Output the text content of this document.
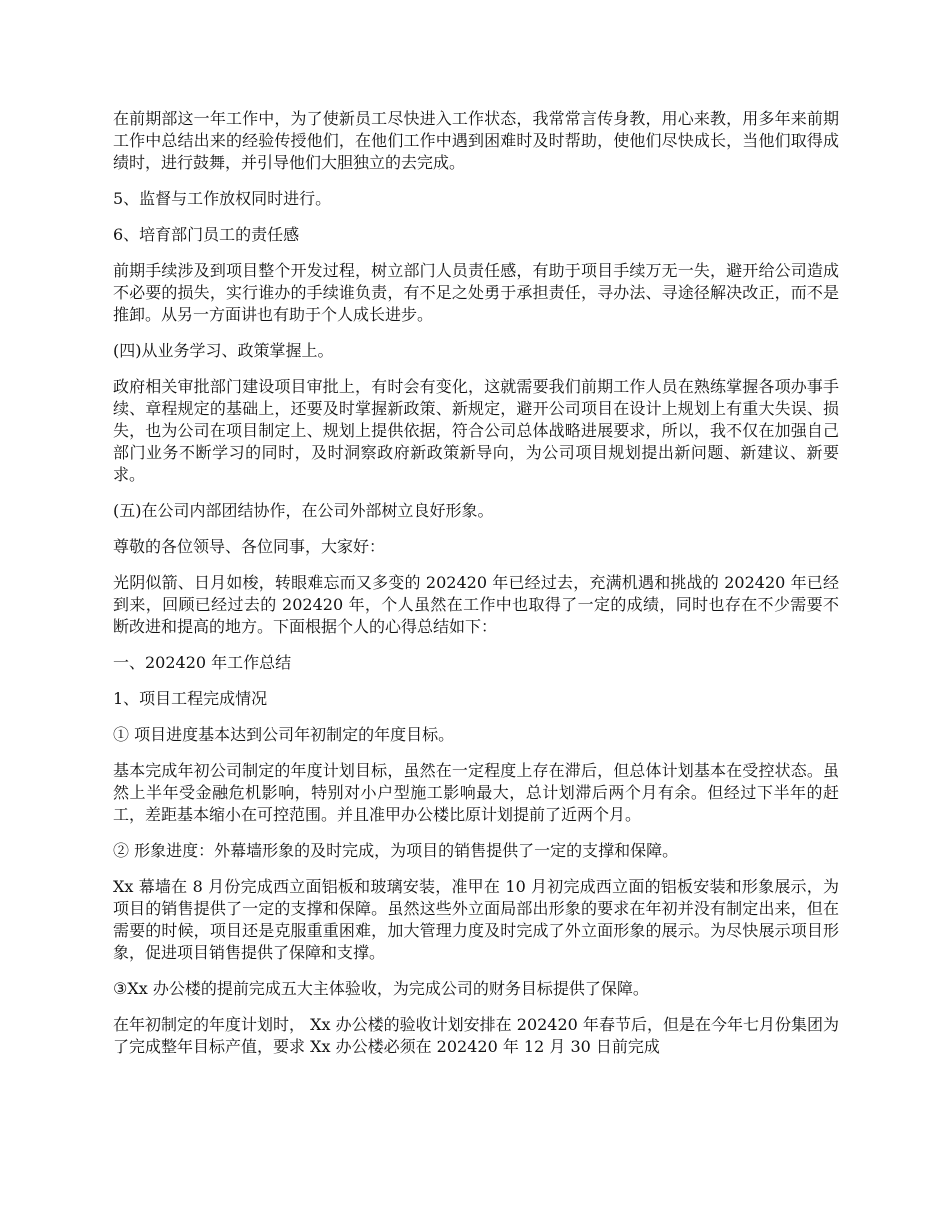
在前期部这一年工作中，为了使新员工尽快进入工作状态，我常常言传身教，用心来教，用多年来前期工作中总结出来的经验传授他们，在他们工作中遇到困难时及时帮助，使他们尽快成长，当他们取得成绩时，进行鼓舞，并引导他们大胆独立的去完成。

5、监督与工作放权同时进行。

6、培育部门员工的责任感

前期手续涉及到项目整个开发过程，树立部门人员责任感，有助于项目手续万无一失，避开给公司造成不必要的损失，实行谁办的手续谁负责，有不足之处勇于承担责任，寻办法、寻途径解决改正，而不是推卸。从另一方面讲也有助于个人成长进步。

(四)从业务学习、政策掌握上。

政府相关审批部门建设项目审批上，有时会有变化，这就需要我们前期工作人员在熟练掌握各项办事手续、章程规定的基础上，还要及时掌握新政策、新规定，避开公司项目在设计上规划上有重大失误、损失，也为公司在项目制定上、规划上提供依据，符合公司总体战略进展要求，所以，我不仅在加强自己部门业务不断学习的同时，及时洞察政府新政策新导向，为公司项目规划提出新问题、新建议、新要求。

(五)在公司内部团结协作，在公司外部树立良好形象。

尊敬的各位领导、各位同事，大家好：

光阴似箭、日月如梭，转眼难忘而又多变的 202420 年已经过去，充满机遇和挑战的 202420 年已经到来，回顾已经过去的 202420 年，个人虽然在工作中也取得了一定的成绩，同时也存在不少需要不断改进和提高的地方。下面根据个人的心得总结如下：

一、202420 年工作总结

1、项目工程完成情况

① 项目进度基本达到公司年初制定的年度目标。

基本完成年初公司制定的年度计划目标，虽然在一定程度上存在滞后，但总体计划基本在受控状态。虽然上半年受金融危机影响，特别对小户型施工影响最大，总计划滞后两个月有余。但经过下半年的赶工，差距基本缩小在可控范围。并且准甲办公楼比原计划提前了近两个月。

② 形象进度：外幕墙形象的及时完成，为项目的销售提供了一定的支撑和保障。

Xx 幕墙在 8 月份完成西立面铝板和玻璃安装，准甲在 10 月初完成西立面的铝板安装和形象展示，为项目的销售提供了一定的支撑和保障。虽然这些外立面局部出形象的要求在年初并没有制定出来，但在需要的时候，项目还是克服重重困难，加大管理力度及时完成了外立面形象的展示。为尽快展示项目形象，促进项目销售提供了保障和支撑。

③Xx 办公楼的提前完成五大主体验收，为完成公司的财务目标提供了保障。

在年初制定的年度计划时， Xx 办公楼的验收计划安排在 202420 年春节后，但是在今年七月份集团为了完成整年目标产值，要求 Xx 办公楼必须在 202420 年 12 月 30 日前完成
